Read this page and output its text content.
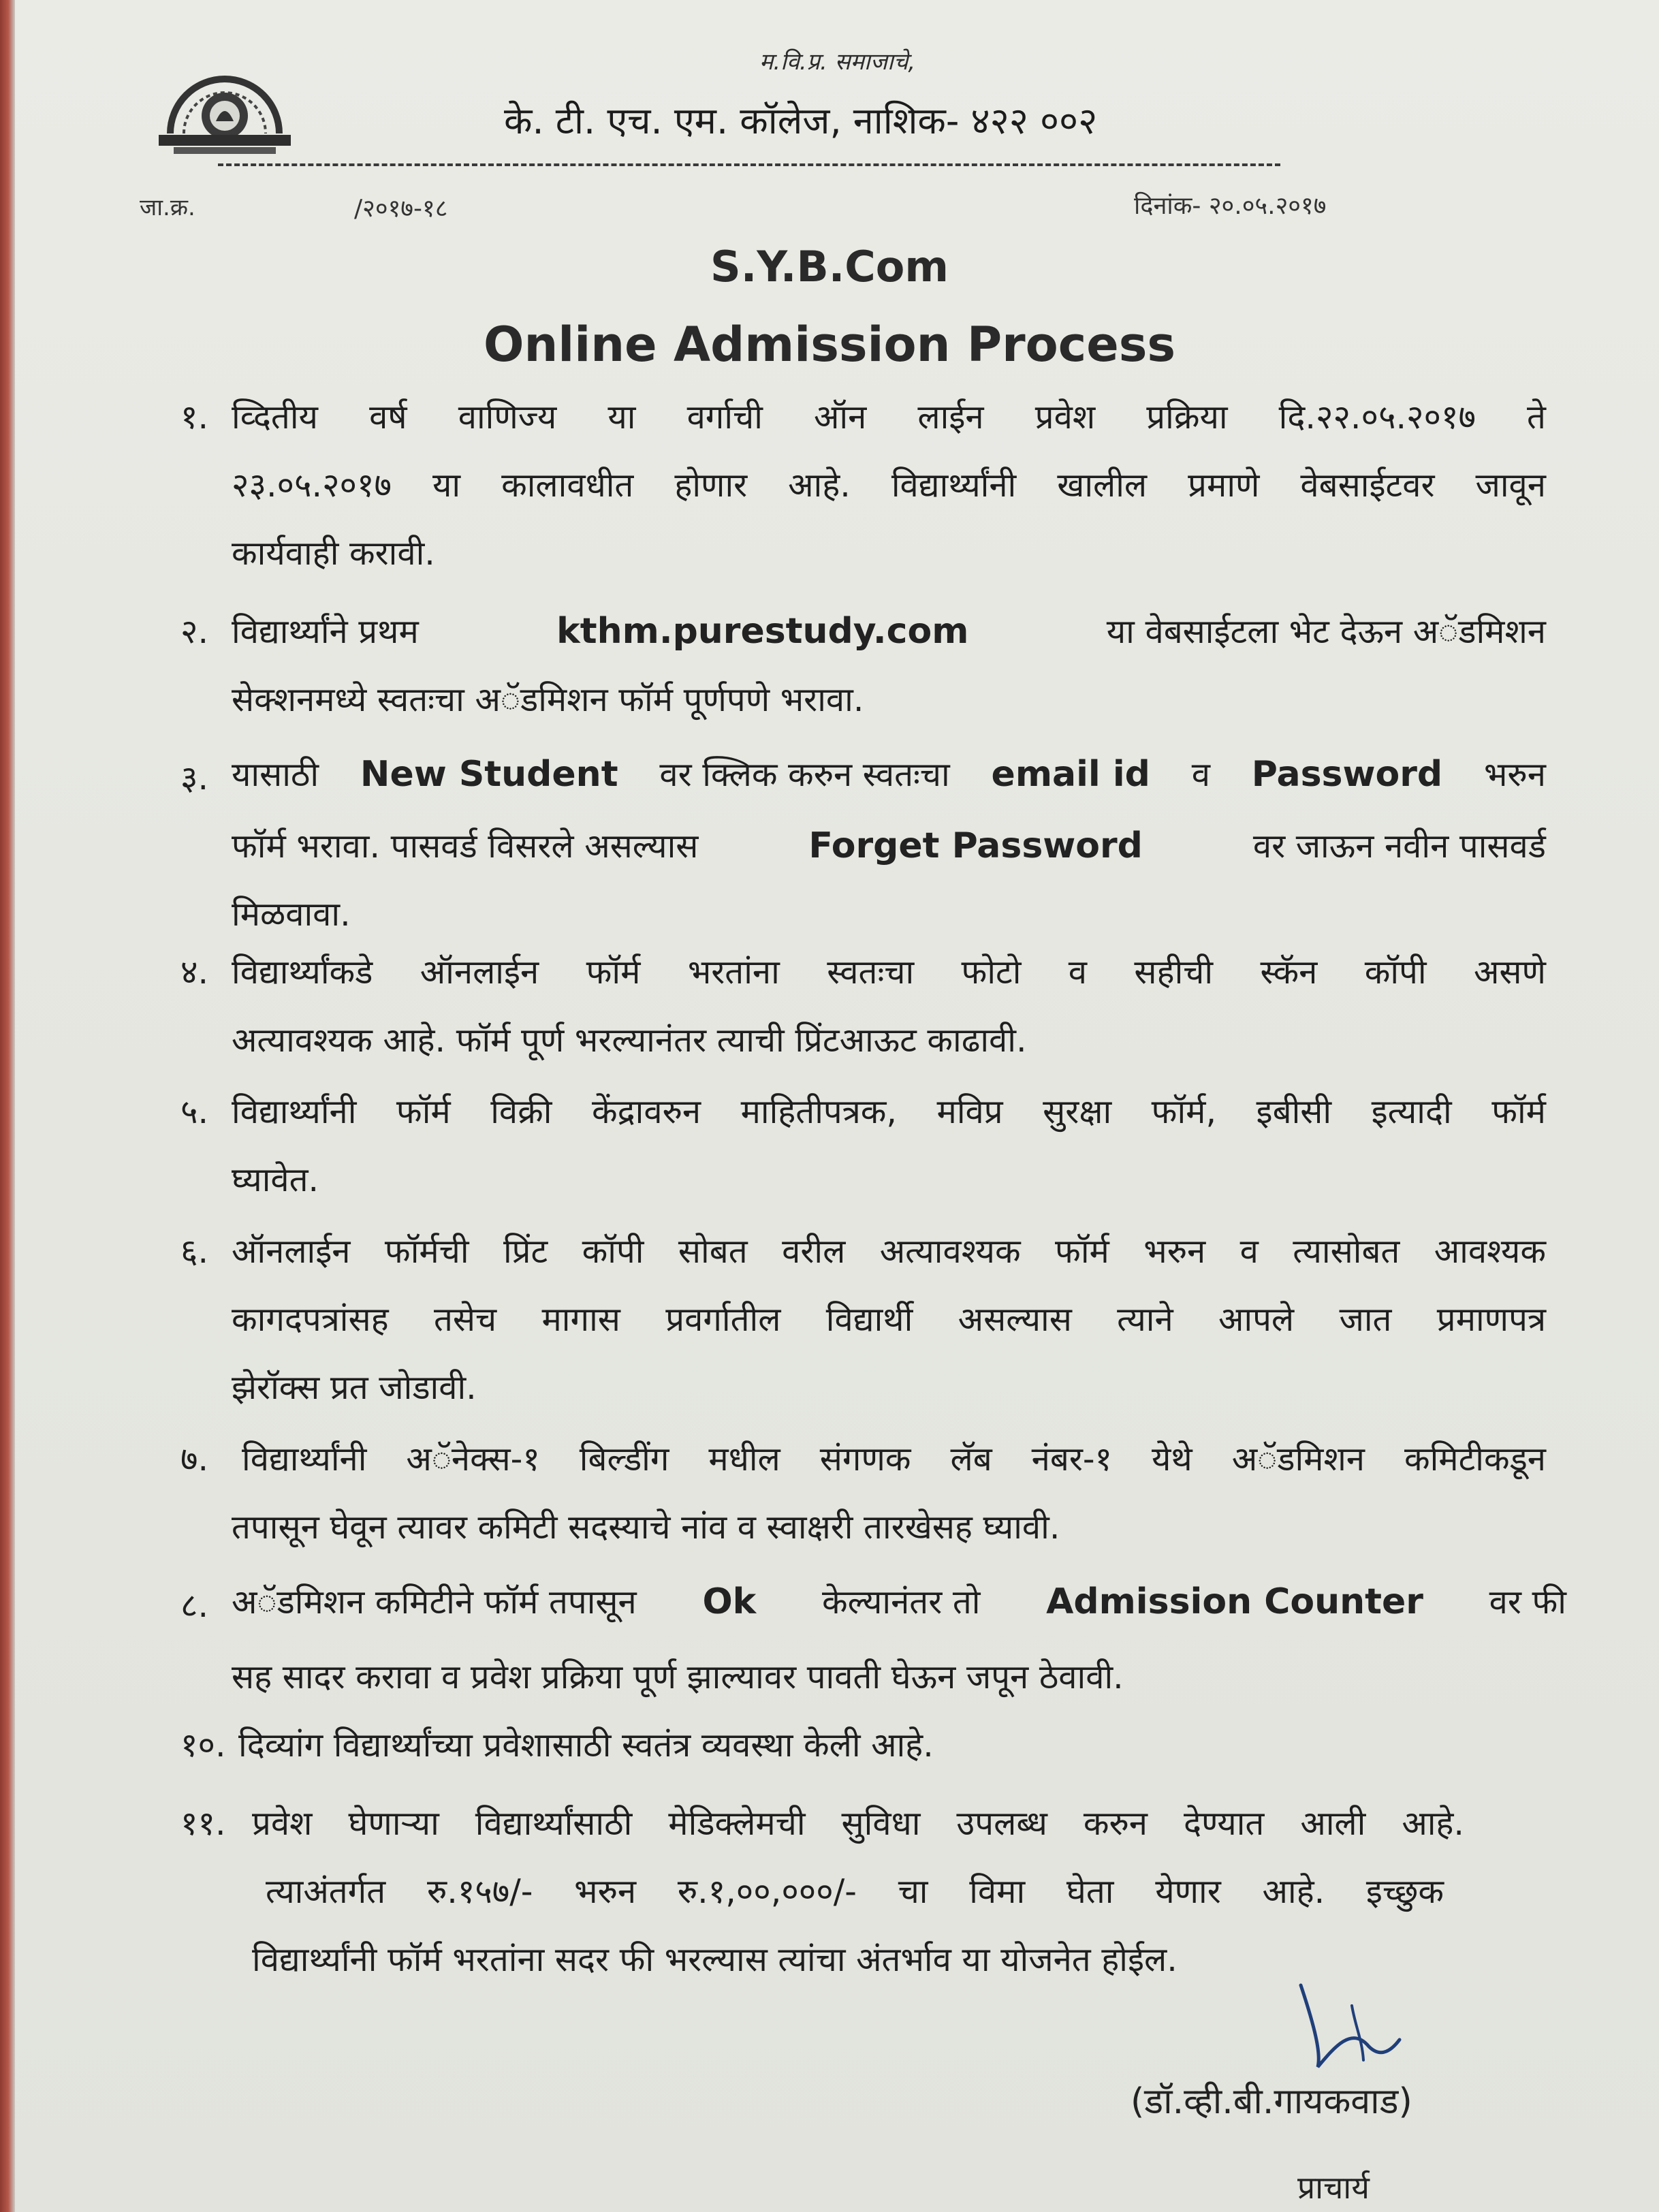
म.वि.प्र. समाजाचे,
के. टी. एच. एम. कॉलेज, नाशिक- ४२२ ००२
जा.क्र.	/२०१७-१८	दिनांक- २०.०५.२०१७
S.Y.B.Com
Online Admission Process
१. व्दितीय वर्ष वाणिज्य या वर्गाची ऑन लाईन प्रवेश प्रक्रिया दि.२२.०५.२०१७ ते
२३.०५.२०१७ या कालावधीत होणार आहे. विद्यार्थ्यांनी खालील प्रमाणे वेबसाईटवर जावून
कार्यवाही करावी.
२. विद्यार्थ्यांने प्रथम	kthm.purestudy.com	या वेबसाईटला भेट देऊन अॅडमिशन
सेक्शनमध्ये स्वतःचा अॅडमिशन फॉर्म पूर्णपणे भरावा.
३. यासाठी New Student वर क्लिक करुन स्वतःचा email id व Password भरुन
फॉर्म भरावा. पासवर्ड विसरले असल्यास	Forget Password	वर जाऊन नवीन पासवर्ड
मिळवावा.
४. विद्यार्थ्यांकडे ऑनलाईन फॉर्म भरतांना स्वतःचा फोटो व सहीची स्कॅन कॉपी असणे
अत्यावश्यक आहे. फॉर्म पूर्ण भरल्यानंतर त्याची प्रिंटआऊट काढावी.
५. विद्यार्थ्यांनी फॉर्म विक्री केंद्रावरुन माहितीपत्रक, मविप्र सुरक्षा फॉर्म, इबीसी इत्यादी फॉर्म
घ्यावेत.
६. ऑनलाईन फॉर्मची प्रिंट कॉपी सोबत वरील अत्यावश्यक फॉर्म भरुन व त्यासोबत आवश्यक
कागदपत्रांसह तसेच मागास प्रवर्गातील विद्यार्थी असल्यास त्याने आपले जात प्रमाणपत्र
झेरॉक्स प्रत जोडावी.
७. विद्यार्थ्यांनी अॅनेक्स-१ बिल्डींग मधील संगणक लॅब नंबर-१ येथे अॅडमिशन कमिटीकडून
तपासून घेवून त्यावर कमिटी सदस्याचे नांव व स्वाक्षरी तारखेसह घ्यावी.
८. अॅडमिशन कमिटीने फॉर्म तपासून Ok केल्यानंतर तो Admission Counter वर फी
सह सादर करावा व प्रवेश प्रक्रिया पूर्ण झाल्यावर पावती घेऊन जपून ठेवावी.
१०. दिव्यांग विद्यार्थ्यांच्या प्रवेशासाठी स्वतंत्र व्यवस्था केली आहे.
११. प्रवेश घेणाऱ्या विद्यार्थ्यांसाठी मेडिक्लेमची सुविधा उपलब्ध करुन देण्यात आली आहे.
त्याअंतर्गत रु.१५७/- भरुन रु.१,००,०००/- चा विमा घेता येणार आहे. इच्छुक
विद्यार्थ्यांनी फॉर्म भरतांना सदर फी भरल्यास त्यांचा अंतर्भाव या योजनेत होईल.
(डॉ.व्ही.बी.गायकवाड)
प्राचार्य
